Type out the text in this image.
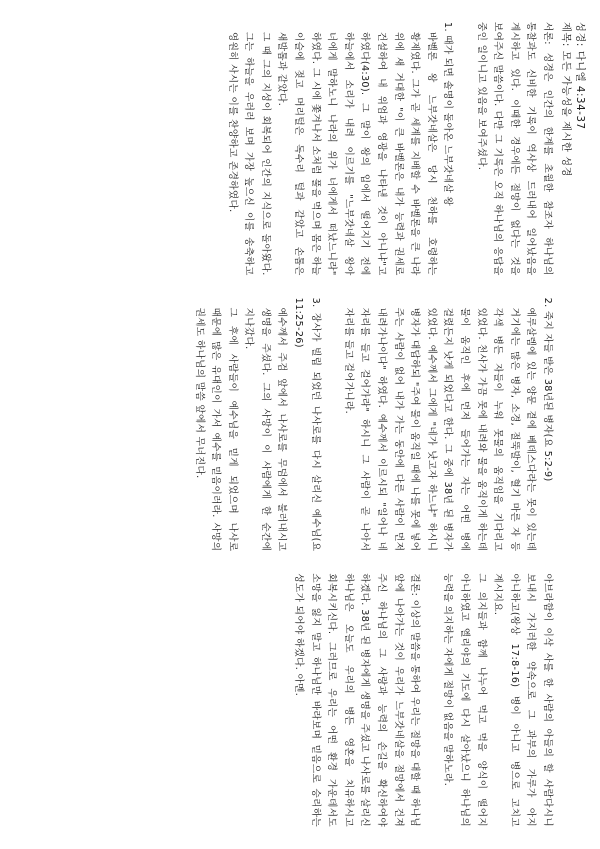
성경: 다니엘 4:34-37
제목: 모든 가능성을 제시한 성경

서론: 성경은 인간의 한계를 초월한 참조자 하나님의 통찰과도 신비한 기록이 역사상 드러내어 일어났음을 계시하고 있다. 이때한 경우에든 절망이 없다는 것을 보여주신 말씀이다. 다만 그 기록은 오직 하나님의 응답을 중인 일이니고 있음을 보여주셨다.

1. 때가 되면 솔명이 돌아온 느부갓네살 왕

바벨론 왕 느부갓네살은 당시 천하를 호령하는 황제였다. 그가 곧 세계를 지배할 수 바벨론을 큰 나라 위에 새 거대한 "이 큰 바벨론은 내가 능력과 권세로 건설하여 내 위엄과 영광을 나타낸 것이 아니냐"고 하였다(4:30). 그 말이 왕의 입에서 떨어지기 전에 하늘에서 소리가 내려 이르기를 "느부갓네살 왕아 너에게 말하노니 나라의 위가 너에게서 떠났느니라" 하였다. 그 시에 쫓겨나서 소처럼 풀을 먹으며 몸은 하늘 이슬에 젖고 머리털은 독수리 털과 같았고 손톱은 새발톱과 같았다.

그 때 그의 지성이 회복되어 인간의 지식으로 돌아왔다. 그는 하늘을 우러러 보며 가장 높으신 이를 송축하고 영원히 사시는 이를 찬양하고 존경하였다.

2. 죽지 자들 받은 38년된 병자(요 5:2-9)

예루살렘에 있는 양문 곁에 베데스다라는 못이 있는데 거기에는 많은 병자, 소경, 절뚝발이, 혈기 마른 자 등 각색 병든 자들이 누워 못물의 움직임을 기다리고 있었다. 천사가 가끔 못에 내려와 물을 움직이게 하는데 물이 움직인 후에 먼저 들어가는 자는 어떤 병에 걸렸든지 낫게 되었다고 한다. 그 중에 38년 된 병자가 있었다. 예수께서 그에게 "네가 낫고자 하느냐" 하시니 병자가 대답하되 "주여 물이 움직일 때에 나를 못에 넣어 주는 사람이 없어 내가 가는 동안에 다른 사람이 먼저 내려가나이다" 하였다. 예수께서 이르시되 "일어나 네 자리를 들고 걸어가라" 하시니 그 사람이 곧 나아서 자리를 들고 걸어가니라.

3. 장사가 빌립 되었던 나사로를 다시 살리신 예수님(요 11:25-26)

예수께서 주검 앞에서 나사로를 무덤에서 불러내시고 생명을 주셨다. 그의 사망이 이 사람에게 한 순간에 지나갔다.

그 후에 사람들이 예수님을 믿게 되었으며 나사로 때문에 많은 유대인이 가서 예수를 믿음이러라. 사망의 권세도 하나님의 말씀 앞에서 무너진다.

아브라함이 이삭 사를 한 사람의 아들의 할 사람다시니 보내시 가지러한 약속으로 그 과부의 가루가 아지 아니하고(왕상 17:8-16) 병이 아니고 병으로 고치고 계시지요.

그 의지들과 함께 나누어 먹고 먹을 양식이 떨어지 아니하였고 엘리야의 기도에 다시 살아났으니 하나님의 능력을 의지하는 자에게 절망이 없음을 말하노라.

결론: 이상의 말씀을 통하여 우리는 절망을 대할 때 하나님 앞에 나아가는 것이 우리가 느부갓네살을 절망에서 건져 주신 하나님의 그 사랑과 능력의 손길을 확신하여야 하겠다. 38년 된 병자에게 생명을 주셨고 나사로를 살리신 하나님은 오늘도 우리의 병든 영혼을 치유하시고 회복시키신다. 그러므로 우리는 어떤 환경 가운데서도 소망을 잃지 말고 하나님만 바라보며 믿음으로 승리하는 성도가 되어야 하겠다. 아멘.
